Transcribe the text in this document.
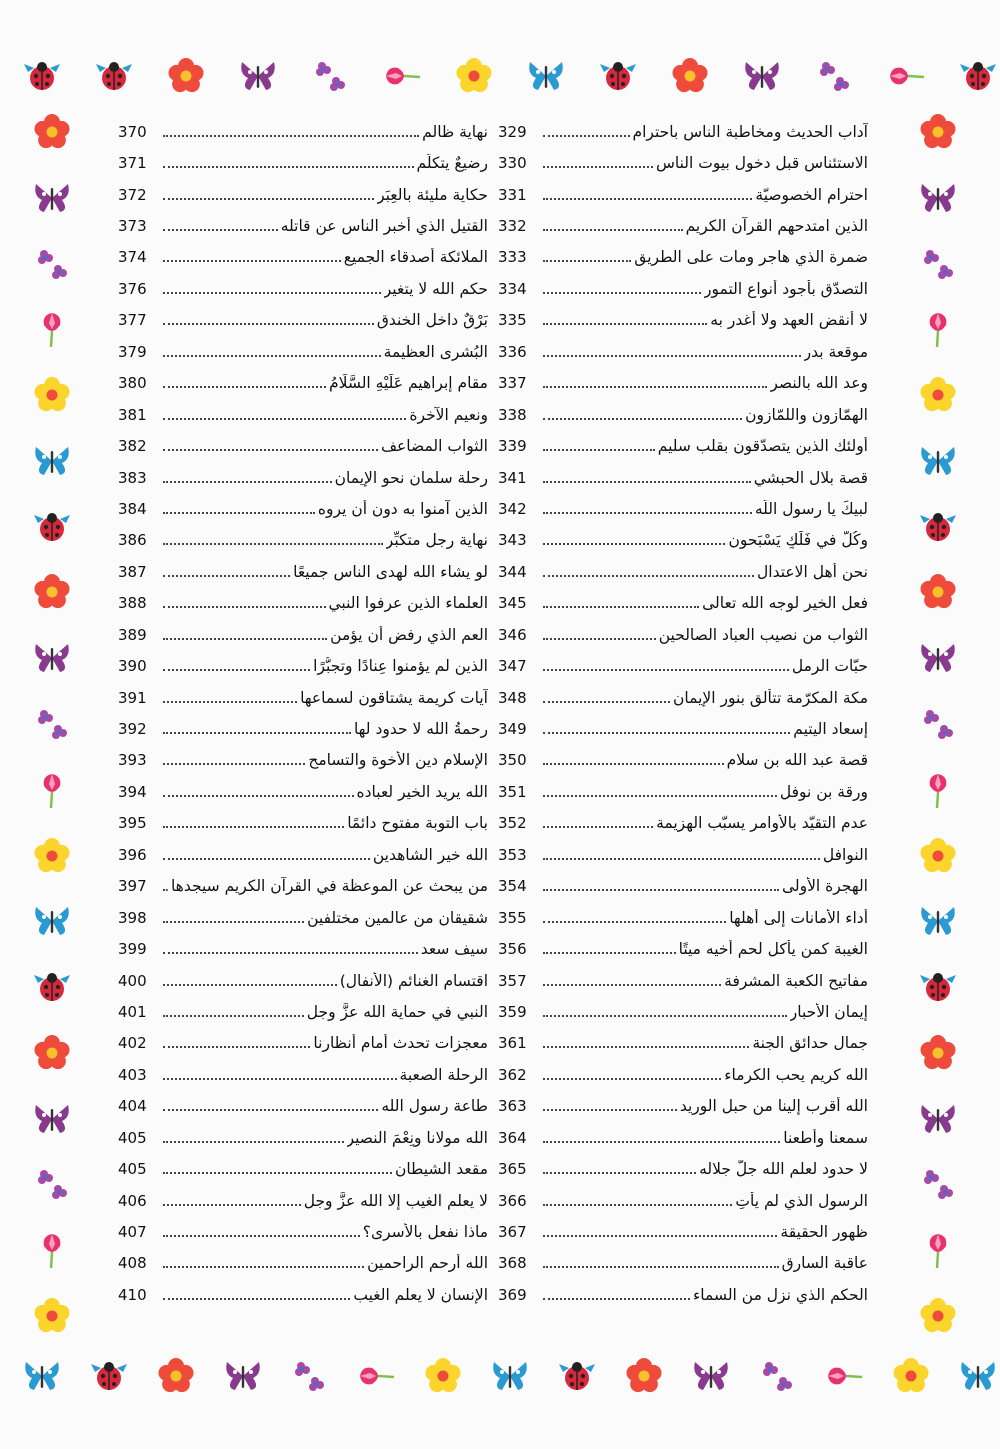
آداب الحديث ومخاطبة الناس باحترام
329
الاستئناس قبل دخول بيوت الناس
330
احترام الخصوصيّة
331
الذين امتدحهم القرآن الكريم
332
ضمرة الذي هاجر ومات على الطريق
333
التصدّق بأجود أنواع التمور
334
لا أنقض العهد ولا أغدر به
335
موقعة بدر
336
وعد الله بالنصر
337
الهمّازون واللمّازون
338
أولئك الذين يتصدّقون بقلب سليم
339
قصة بلال الحبشي
341
لبيكَ يا رسول اللّه
342
وكُلٌّ في فَلَكٍ يَسْبَحون
343
نحن أهل الاعتدال
344
فعل الخير لوجه الله تعالى
345
الثواب من نصيب العباد الصالحين
346
حبّات الرمل
347
مكة المكرّمة تتألق بنور الإيمان
348
إسعاد اليتيم
349
قصة عبد الله بن سلام
350
ورقة بن نوفل
351
عدم التقيّد بالأوامر يسبّب الهزيمة
352
النوافل
353
الهجرة الأولى
354
أداء الأمانات إلى أهلها
355
الغيبة كمن يأكل لحم أخيه ميتًا
356
مفاتيح الكعبة المشرفة
357
إيمان الأحبار
359
جمال حدائق الجنة
361
الله كريم يحب الكرماء
362
الله أقرب إلينا من حبل الوريد
363
سمعنا وأطعنا
364
لا حدود لعلم الله جلّ جلاله
365
الرسول الذي لم يأتِ
366
ظهور الحقيقة
367
عاقبة السارق
368
الحكم الذي نزل من السماء
369
نهاية ظالم
370
رضيعٌ يتكلّم
371
حكاية مليئة بالعِبَر
372
القتيل الذي أخبر الناس عن قاتله
373
الملائكة أصدقاء الجميع
374
حكم الله لا يتغير
376
بَرْقٌ داخل الخندق
377
البُشرى العظيمة
379
مقام إبراهيم عَلَيْهِ السَّلَامُ
380
ونعيم الآخرة
381
الثواب المضاعف
382
رحلة سلمان نحو الإيمان
383
الذين آمنوا به دون أن يروه
384
نهاية رجل متكبِّر
386
لو يشاء الله لهدى الناس جميعًا
387
العلماء الذين عرفوا النبي
388
العم الذي رفض أن يؤمن
389
الذين لم يؤمنوا عِنادًا وتجبُّرًا
390
آيات كريمة يشتاقون لسماعها
391
رحمةُ الله لا حدود لها
392
الإسلام دين الأخوة والتسامح
393
الله يريد الخير لعباده
394
باب التوبة مفتوح دائمًا
395
الله خير الشاهدين
396
من يبحث عن الموعظة في القرآن الكريم سيجدها
397
شقيقان من عالمين مختلفين
398
سيف سعد
399
اقتسام الغنائم (الأنفال)
400
النبي في حماية الله عزَّ وجل
401
معجزات تحدث أمام أنظارنا
402
الرحلة الصعبة
403
طاعة رسول الله
404
الله مولانا ونِعْمَ النصير
405
مقعد الشيطان
405
لا يعلم الغيب إلا الله عزَّ وجل
406
ماذا نفعل بالأسرى؟
407
الله أرحم الراحمين
408
الإنسان لا يعلم الغيب
410
